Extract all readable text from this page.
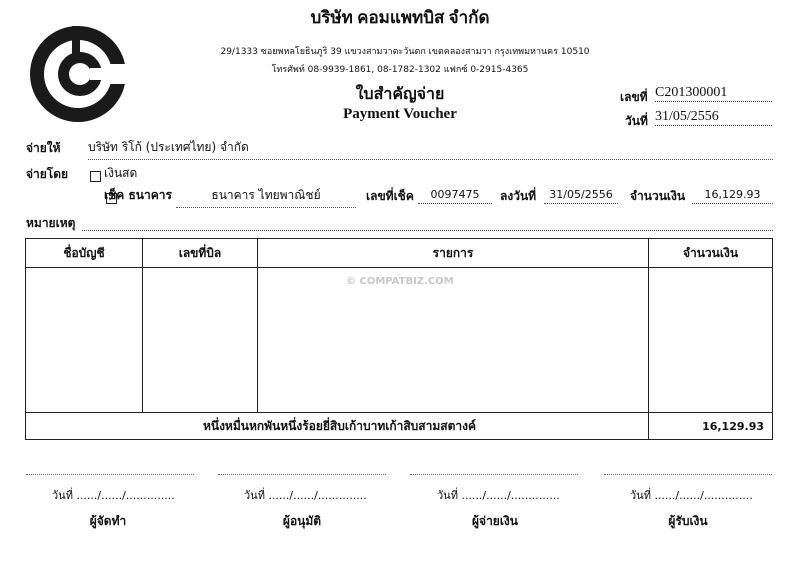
บริษัท คอมแพทบิส จำกัด
29/1333 ซอยพหลโยธินภูริ 39 แขวงสามวาตะวันตก เขตคลองสามวา กรุงเทพมหานคร 10510
โทรศัพท์ 08-9939-1861, 08-1782-1302 แฟกซ์ 0-2915-4365
ใบสำคัญจ่าย
Payment Voucher
เลขที่ C201300001
วันที่ 31/05/2556
จ่ายให้ บริษัท ริโก้ (ประเทศไทย) จำกัด
จ่ายโดย
	เงินสด
✓
เช็ค ธนาคาร	ธนาคาร ไทยพาณิชย์	เลขที่เช็ค	0097475	ลงวันที่	31/05/2556	จำนวนเงิน	16,129.93
หมายเหตุ
ชื่อบัญชี	เลขที่บิล	รายการ	จำนวนเงิน

		© COMPATBIZ.COM	

หนึ่งหมื่นหกพันหนึ่งร้อยยี่สิบเก้าบาทเก้าสิบสามสตางค์			16,129.93
วันที่ ....../....../..............
ผู้จัดทำ
วันที่ ....../....../..............
ผู้อนุมัติ
วันที่ ....../....../..............
ผู้จ่ายเงิน
วันที่ ....../....../..............
ผู้รับเงิน
